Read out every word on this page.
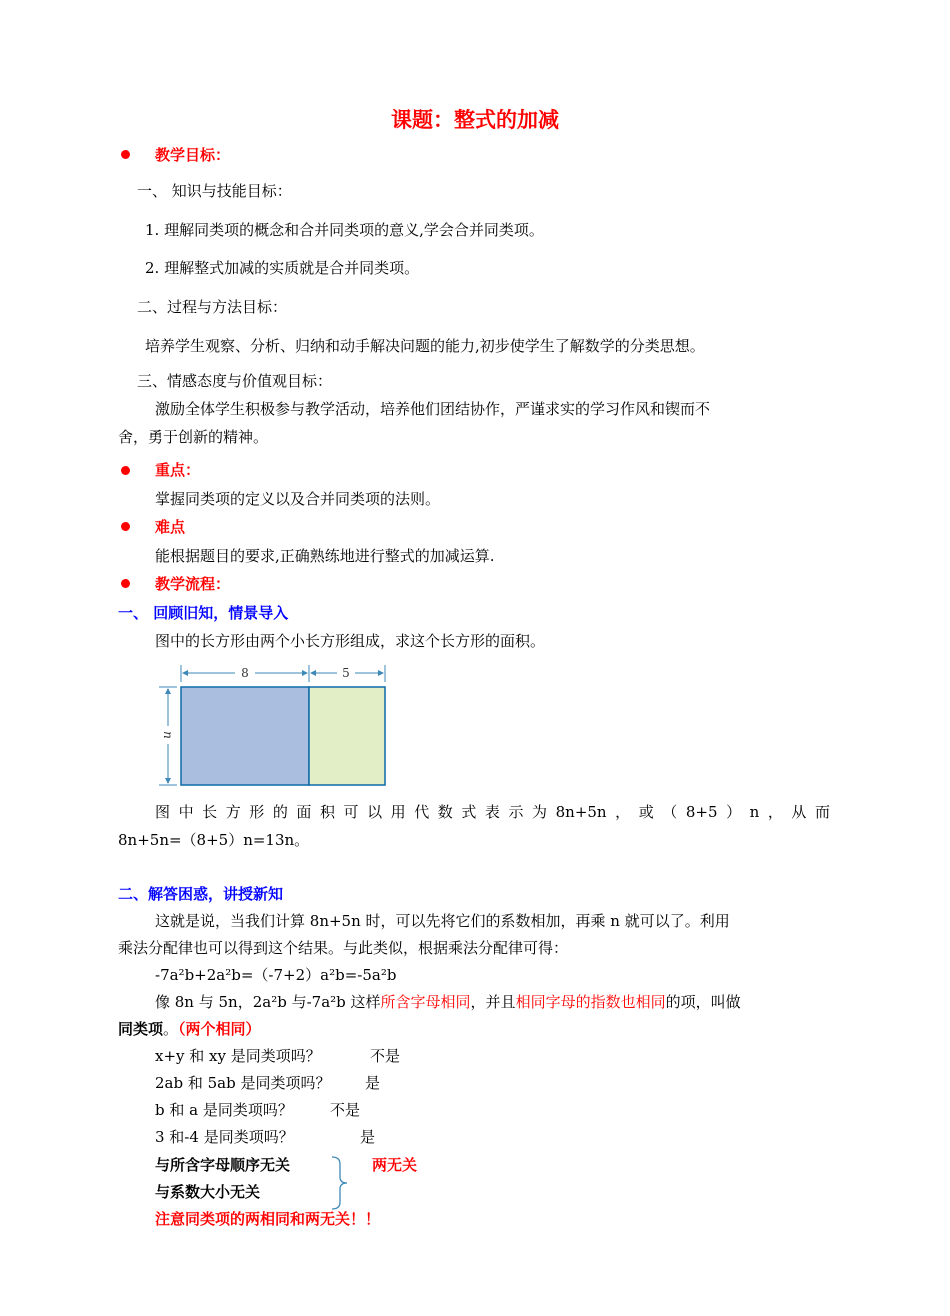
课题：整式的加减
教学目标：
一、 知识与技能目标：
1. 理解同类项的概念和合并同类项的意义,学会合并同类项。
2. 理解整式加减的实质就是合并同类项。
二、过程与方法目标：
培养学生观察、分析、归纳和动手解决问题的能力,初步使学生了解数学的分类思想。
三、情感态度与价值观目标：
激励全体学生积极参与教学活动，培养他们团结协作，严谨求实的学习作风和锲而不
舍，勇于创新的精神。
重点：
掌握同类项的定义以及合并同类项的法则。
难点
能根据题目的要求,正确熟练地进行整式的加减运算.
教学流程：
一、 回顾旧知，情景导入
图中的长方形由两个小长方形组成，求这个长方形的面积。
8	5
n
图中长方形的面积可以用代数式表示为8n+5n，或（8+5）n，从而
8n+5n=（8+5）n=13n。
二、解答困惑，讲授新知
这就是说，当我们计算 8n+5n 时，可以先将它们的系数相加，再乘 n 就可以了。利用
乘法分配律也可以得到这个结果。与此类似，根据乘法分配律可得：
-7a²b+2a²b=（-7+2）a²b=-5a²b
像 8n 与 5n，2a²b 与-7a²b 这样所含字母相同，并且相同字母的指数也相同的项，叫做
同类项。（两个相同）
x+y 和 xy 是同类项吗？	不是
2ab 和 5ab 是同类项吗？ 是
b 和 a 是同类项吗？ 不是
3 和-4 是同类项吗？	是
与所含字母顺序无关
与系数大小无关
两无关
注意同类项的两相同和两无关！！
